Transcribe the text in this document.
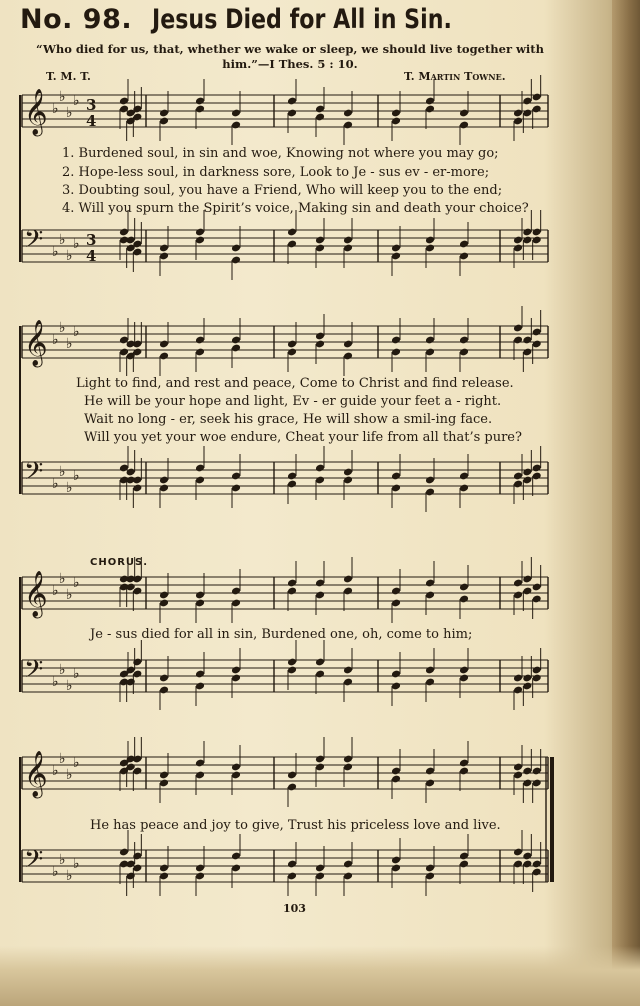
No. 98. Jesus Died for All in Sin.
“Who died for us, that, whether we wake or sleep, we should live together with
him.”—I Thes. 5 : 10.
T. M. T.	T. Martin Towne.
𝄞 ♭
♭
♭
♭ 3
4
𝄢 ♭
♭
♭
♭ 3
4
𝄞 ♭
♭
♭
♭
𝄢 ♭
♭
♭
♭
𝄞 ♭
♭
♭
♭
𝄢 ♭
♭
♭
♭
𝄞 ♭
♭
♭
♭
𝄢 ♭
♭
♭
♭
1. Burdened soul, in sin and woe, Knowing not where you may go;
2. Hope-less soul, in darkness sore, Look to Je - sus ev - er-more;
3. Doubting soul, you have a Friend, Who will keep you to the end;
4. Will you spurn the Spirit’s voice, Making sin and death your choice?
Light to find, and rest and peace, Come to Christ and find release.
He will be your hope and light, Ev - er guide your feet a - right.
Wait no long - er, seek his grace, He will show a smil-ing face.
Will you yet your woe endure, Cheat your life from all that’s pure?
CHORUS.
Je - sus died for all in sin, Burdened one, oh, come to him;
He has peace and joy to give, Trust his priceless love and live.
103
